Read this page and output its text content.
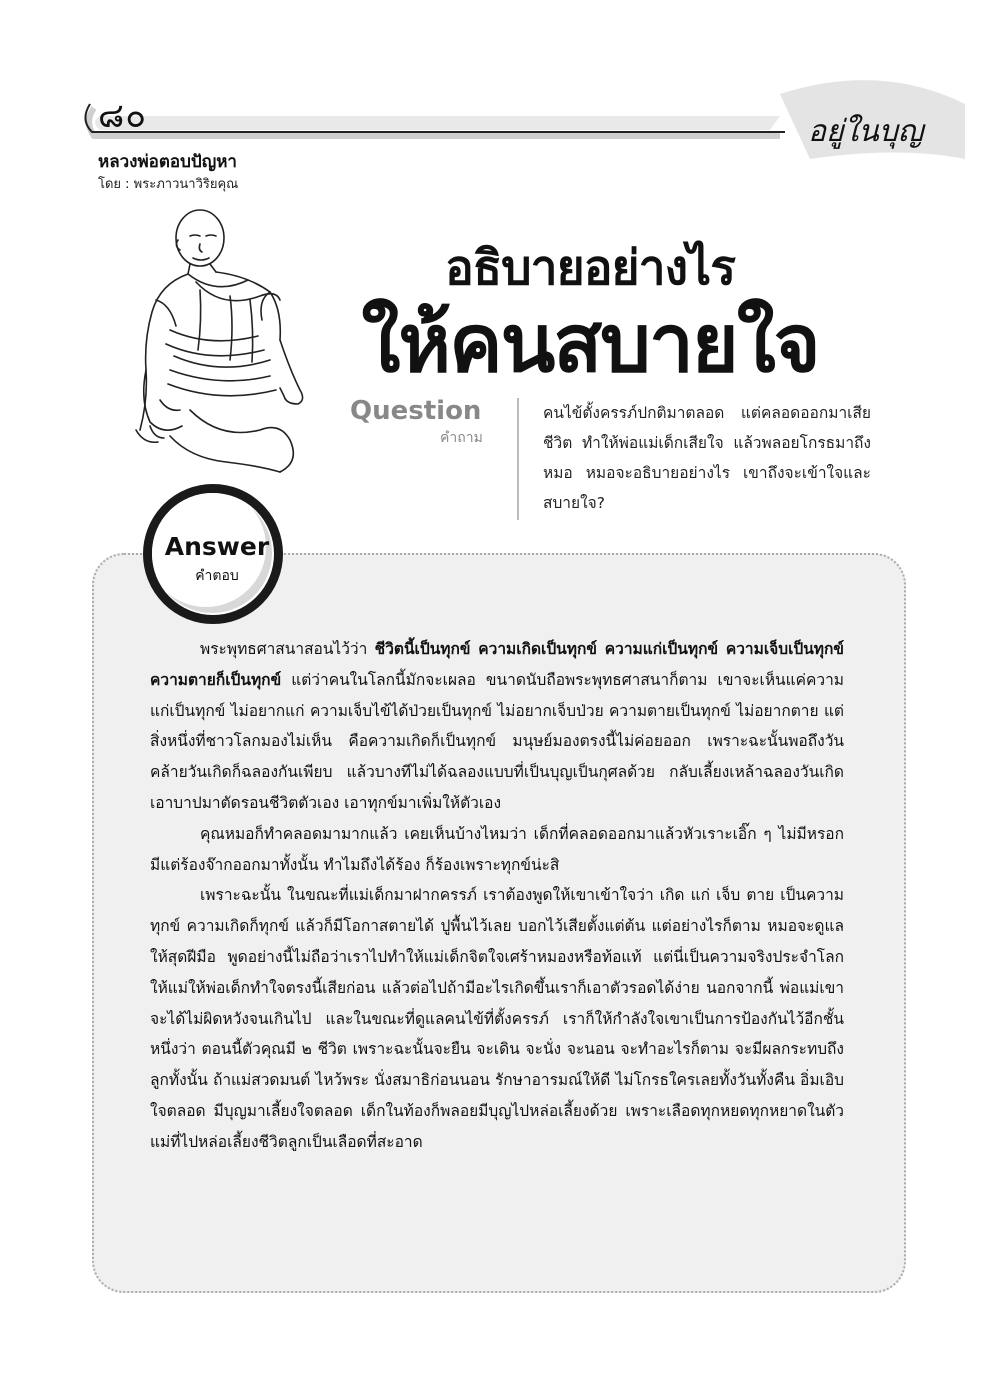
๘๐	อยู่ในบุญ
หลวงพ่อตอบปัญหา
โดย : พระภาวนาวิริยคุณ
อธิบายอย่างไร
ให้คนสบายใจ
Question
คำถาม
คนไข้ตั้งครรภ์ปกติมาตลอด แต่คลอดออกมาเสียชีวิต ทำให้พ่อแม่เด็กเสียใจ แล้วพลอยโกรธมาถึงหมอ หมอจะอธิบายอย่างไร เขาถึงจะเข้าใจและสบายใจ?
Answer
คำตอบ

พระพุทธศาสนาสอนไว้ว่า ชีวิตนี้เป็นทุกข์ ความเกิดเป็นทุกข์ ความแก่เป็นทุกข์ ความเจ็บเป็นทุกข์ ความตายก็เป็นทุกข์ แต่ว่าคนในโลกนี้มักจะเผลอ ขนาดนับถือพระพุทธศาสนาก็ตาม เขาจะเห็นแค่ความแก่เป็นทุกข์ ไม่อยากแก่ ความเจ็บไข้ได้ป่วยเป็นทุกข์ ไม่อยากเจ็บป่วย ความตายเป็นทุกข์ ไม่อยากตาย แต่สิ่งหนึ่งที่ชาวโลกมองไม่เห็น คือความเกิดก็เป็นทุกข์ มนุษย์มองตรงนี้ไม่ค่อยออก เพราะฉะนั้นพอถึงวันคล้ายวันเกิดก็ฉลองกันเพียบ แล้วบางทีไม่ได้ฉลองแบบที่เป็นบุญเป็นกุศลด้วย กลับเลี้ยงเหล้าฉลองวันเกิด เอาบาปมาตัดรอนชีวิตตัวเอง เอาทุกข์มาเพิ่มให้ตัวเอง

คุณหมอก็ทำคลอดมามากแล้ว เคยเห็นบ้างไหมว่า เด็กที่คลอดออกมาแล้วหัวเราะเอิ๊ก ๆ ไม่มีหรอก มีแต่ร้องจ๊ากออกมาทั้งนั้น ทำไมถึงได้ร้อง ก็ร้องเพราะทุกข์น่ะสิ

เพราะฉะนั้น ในขณะที่แม่เด็กมาฝากครรภ์ เราต้องพูดให้เขาเข้าใจว่า เกิด แก่ เจ็บ ตาย เป็นความทุกข์ ความเกิดก็ทุกข์ แล้วก็มีโอกาสตายได้ ปูพื้นไว้เลย บอกไว้เสียตั้งแต่ต้น แต่อย่างไรก็ตาม หมอจะดูแลให้สุดฝีมือ พูดอย่างนี้ไม่ถือว่าเราไปทำให้แม่เด็กจิตใจเศร้าหมองหรือท้อแท้ แต่นี่เป็นความจริงประจำโลก ให้แม่ให้พ่อเด็กทำใจตรงนี้เสียก่อน แล้วต่อไปถ้ามีอะไรเกิดขึ้นเราก็เอาตัวรอดได้ง่าย นอกจากนี้ พ่อแม่เขาจะได้ไม่ผิดหวังจนเกินไป และในขณะที่ดูแลคนไข้ที่ตั้งครรภ์ เราก็ให้กำลังใจเขาเป็นการป้องกันไว้อีกชั้นหนึ่งว่า ตอนนี้ตัวคุณมี ๒ ชีวิต เพราะฉะนั้นจะยืน จะเดิน จะนั่ง จะนอน จะทำอะไรก็ตาม จะมีผลกระทบถึงลูกทั้งนั้น ถ้าแม่สวดมนต์ ไหว้พระ นั่งสมาธิก่อนนอน รักษาอารมณ์ให้ดี ไม่โกรธใครเลยทั้งวันทั้งคืน อิ่มเอิบใจตลอด มีบุญมาเลี้ยงใจตลอด เด็กในท้องก็พลอยมีบุญไปหล่อเลี้ยงด้วย เพราะเลือดทุกหยดทุกหยาดในตัวแม่ที่ไปหล่อเลี้ยงชีวิตลูกเป็นเลือดที่สะอาด
